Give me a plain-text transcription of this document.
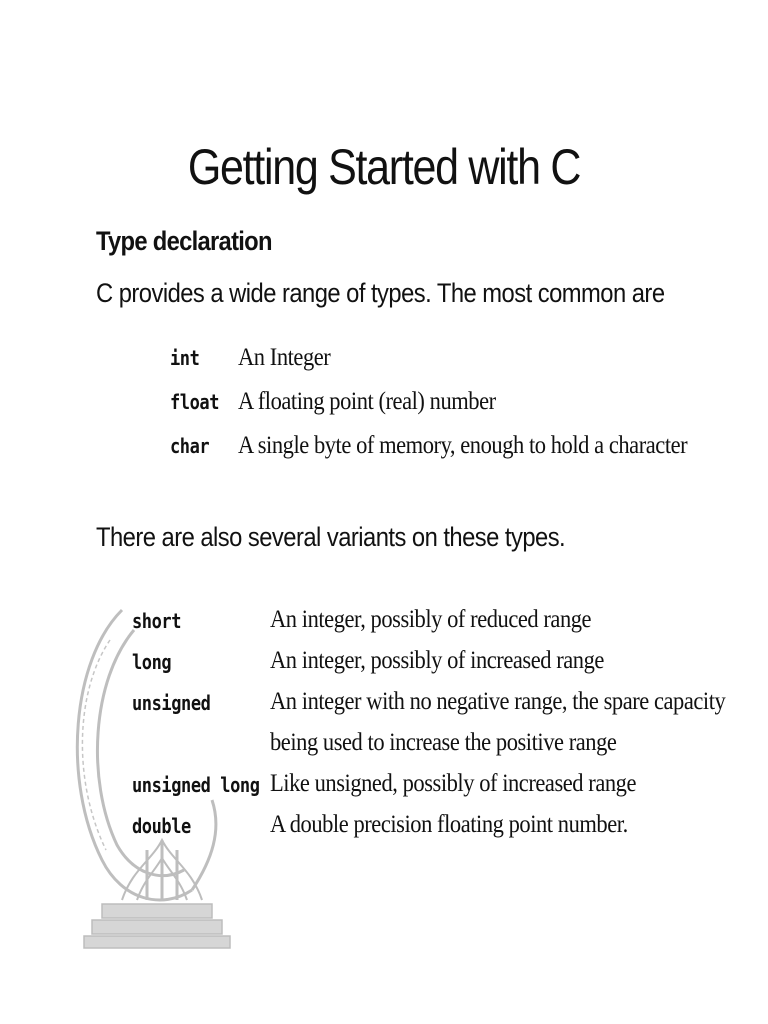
Getting Started with C
Type declaration

C provides a wide range of types. The most common are

int An Integer
float A floating point (real) number
char A single byte of memory, enough to hold a character

There are also several variants on these types.

short	An integer, possibly of reduced range
long	An integer, possibly of increased range
unsigned An integer with no negative range, the spare capacity
being used to increase the positive range
unsigned long Like unsigned, possibly of increased range
double	A double precision floating point number.
